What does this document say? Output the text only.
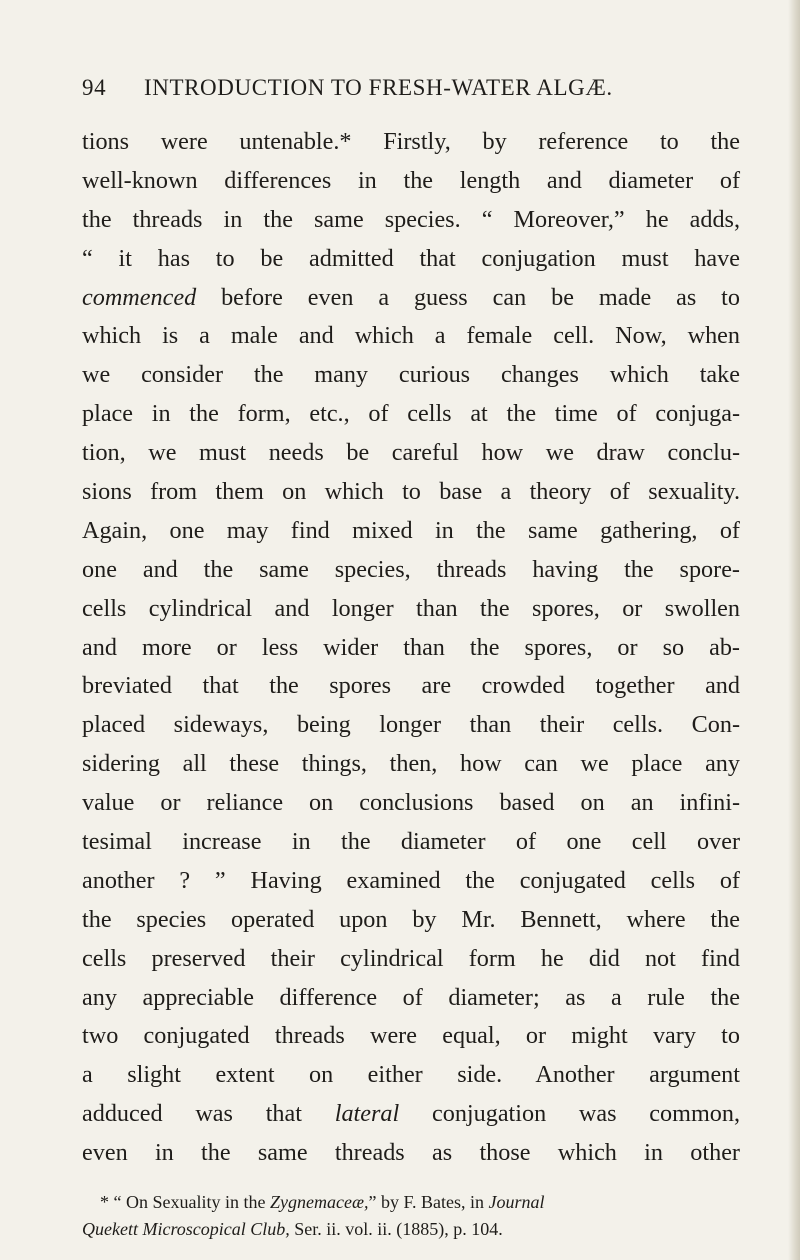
94 INTRODUCTION TO FRESH-WATER ALGÆ.
tions were untenable.* Firstly, by reference to the
well-known differences in the length and diameter of
the threads in the same species. “ Moreover,” he adds,
“ it has to be admitted that conjugation must have
commenced before even a guess can be made as to
which is a male and which a female cell. Now, when
we consider the many curious changes which take
place in the form, etc., of cells at the time of conjuga-
tion, we must needs be careful how we draw conclu-
sions from them on which to base a theory of sexuality.
Again, one may find mixed in the same gathering, of
one and the same species, threads having the spore-
cells cylindrical and longer than the spores, or swollen
and more or less wider than the spores, or so ab-
breviated that the spores are crowded together and
placed sideways, being longer than their cells. Con-
sidering all these things, then, how can we place any
value or reliance on conclusions based on an infini-
tesimal increase in the diameter of one cell over
another ? ” Having examined the conjugated cells of
the species operated upon by Mr. Bennett, where the
cells preserved their cylindrical form he did not find
any appreciable difference of diameter; as a rule the
two conjugated threads were equal, or might vary to
a slight extent on either side. Another argument
adduced was that lateral conjugation was common,
even in the same threads as those which in other
* “ On Sexuality in the Zygnemaceæ,” by F. Bates, in Journal
Quekett Microscopical Club, Ser. ii. vol. ii. (1885), p. 104.
